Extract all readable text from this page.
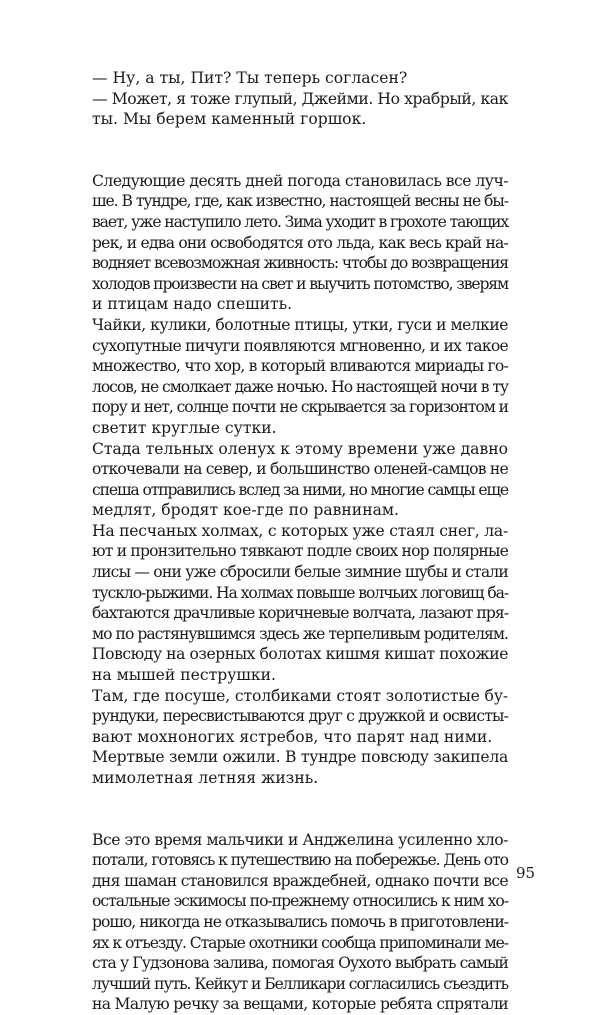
— Ну, а ты, Пит? Ты теперь согласен?
— Может, я тоже глупый, Джейми. Но храбрый, как
ты. Мы берем каменный горшок.
Следующие десять дней погода становилась все луч-
ше. В тундре, где, как известно, настоящей весны не бы-
вает, уже наступило лето. Зима уходит в грохоте тающих
рек, и едва они освободятся ото льда, как весь край на-
водняет всевозможная живность: чтобы до возвращения
холодов произвести на свет и выучить потомство, зверям
и птицам надо спешить.
Чайки, кулики, болотные птицы, утки, гуси и мелкие
сухопутные пичуги появляются мгновенно, и их такое
множество, что хор, в который вливаются мириады го-
лосов, не смолкает даже ночью. Но настоящей ночи в ту
пору и нет, солнце почти не скрывается за горизонтом и
светит круглые сутки.
Стада тельных оленух к этому времени уже давно
откочевали на север, и большинство оленей-самцов не
спеша отправились вслед за ними, но многие самцы еще
медлят, бродят кое-где по равнинам.
На песчаных холмах, с которых уже стаял снег, ла-
ют и пронзительно тявкают подле своих нор полярные
лисы — они уже сбросили белые зимние шубы и стали
тускло-рыжими. На холмах повыше волчьих логовищ ба-
бахтаются драчливые коричневые волчата, лазают пря-
мо по растянувшимся здесь же терпеливым родителям.
Повсюду на озерных болотах кишмя кишат похожие
на мышей пеструшки.
Там, где посуше, столбиками стоят золотистые бу-
рундуки, пересвистываются друг с дружкой и освисты-
вают мохноногих ястребов, что парят над ними.
Мертвые земли ожили. В тундре повсюду закипела
мимолетная летняя жизнь.
Все это время мальчики и Анджелина усиленно хло-
потали, готовясь к путешествию на побережье. День ото
дня шаман становился враждебней, однако почти все
остальные эскимосы по-прежнему относились к ним хо-
рошо, никогда не отказывались помочь в приготовлени-
ях к отъезду. Старые охотники сообща припоминали ме-
ста у Гудзонова залива, помогая Оухото выбрать самый
лучший путь. Кейкут и Белликари согласились съездить
на Малую речку за вещами, которые ребята спрятали
95
